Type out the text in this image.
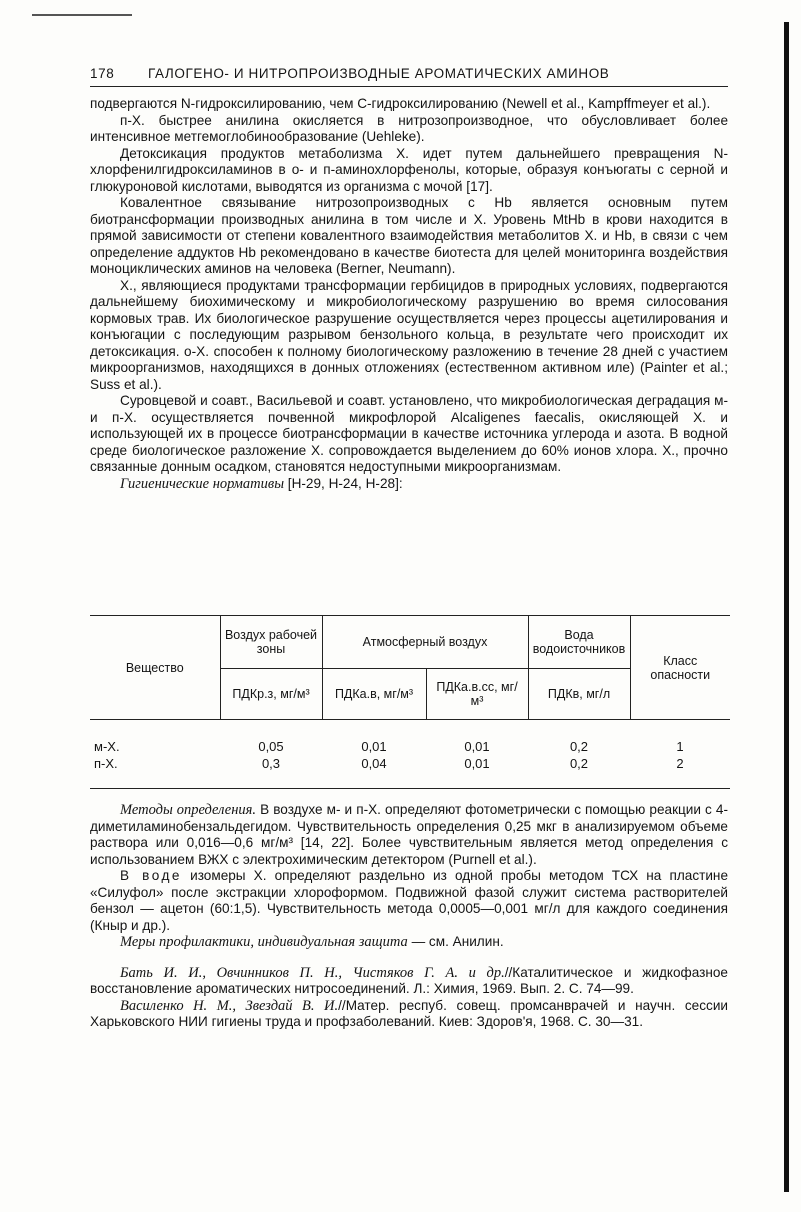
178 ГАЛОГЕНО- И НИТРОПРОИЗВОДНЫЕ АРОМАТИЧЕСКИХ АМИНОВ

подвергаются N-гидроксилированию, чем С-гидроксилированию (Newell et al., Kampffmeyer et al.).

п-Х. быстрее анилина окисляется в нитрозопроизводное, что обусловливает более интенсивное метгемоглобинообразование (Uehleke).

Детоксикация продуктов метаболизма Х. идет путем дальнейшего превращения N-хлорфенилгидроксиламинов в о- и п-аминохлорфенолы, которые, образуя конъюгаты с серной и глюкуроновой кислотами, выводятся из организма с мочой [17].

Ковалентное связывание нитрозопроизводных с Hb является основным путем биотрансформации производных анилина в том числе и Х. Уровень MtHb в крови находится в прямой зависимости от степени ковалентного взаимодействия метаболитов Х. и Hb, в связи с чем определение аддуктов Hb рекомендовано в качестве биотеста для целей мониторинга воздействия моноциклических аминов на человека (Berner, Neumann).

Х., являющиеся продуктами трансформации гербицидов в природных условиях, подвергаются дальнейшему биохимическому и микробиологическому разрушению во время силосования кормовых трав. Их биологическое разрушение осуществляется через процессы ацетилирования и конъюгации с последующим разрывом бензольного кольца, в результате чего происходит их детоксикация. о-Х. способен к полному биологическому разложению в течение 28 дней с участием микроорганизмов, находящихся в донных отложениях (естественном активном иле) (Painter et al.; Suss et al.).

Суровцевой и соавт., Васильевой и соавт. установлено, что микробиологическая деградация м- и п-Х. осуществляется почвенной микрофлорой Alcaligenes faecalis, окисляющей Х. и использующей их в процессе биотрансформации в качестве источника углерода и азота. В водной среде биологическое разложение Х. сопровождается выделением до 60% ионов хлора. Х., прочно связанные донным осадком, становятся недоступными микроорганизмам.

Гигиенические нормативы [Н-29, Н-24, Н-28]:

Вещество	Воздух рабочей зоны	Атмосферный воздух		Вода водоисточников	Класс опасности
	ПДКр.з, мг/м³	ПДКа.в, мг/м³	ПДКа.в.сс, мг/м³	ПДКв, мг/л	
м-Х.	0,05	0,01	0,01	0,2	1
п-Х.	0,3	0,04	0,01	0,2	2

Методы определения. В воздухе м- и п-Х. определяют фотометрически с помощью реакции с 4-диметиламинобензальдегидом. Чувствительность определения 0,25 мкг в анализируемом объеме раствора или 0,016—0,6 мг/м³ [14, 22]. Более чувствительным является метод определения с использованием ВЖХ с электрохимическим детектором (Purnell et al.).

В воде изомеры Х. определяют раздельно из одной пробы методом ТСХ на пластине «Силуфол» после экстракции хлороформом. Подвижной фазой служит система растворителей бензол — ацетон (60:1,5). Чувствительность метода 0,0005—0,001 мг/л для каждого соединения (Кныр и др.).

Меры профилактики, индивидуальная защита — см. Анилин.

Бать И. И., Овчинников П. Н., Чистяков Г. А. и др.//Каталитическое и жидкофазное восстановление ароматических нитросоединений. Л.: Химия, 1969. Вып. 2. С. 74—99.

Василенко Н. М., Звездай В. И.//Матер. респуб. совещ. промсанврачей и научн. сессии Харьковского НИИ гигиены труда и профзаболеваний. Киев: Здоров'я, 1968. С. 30—31.
